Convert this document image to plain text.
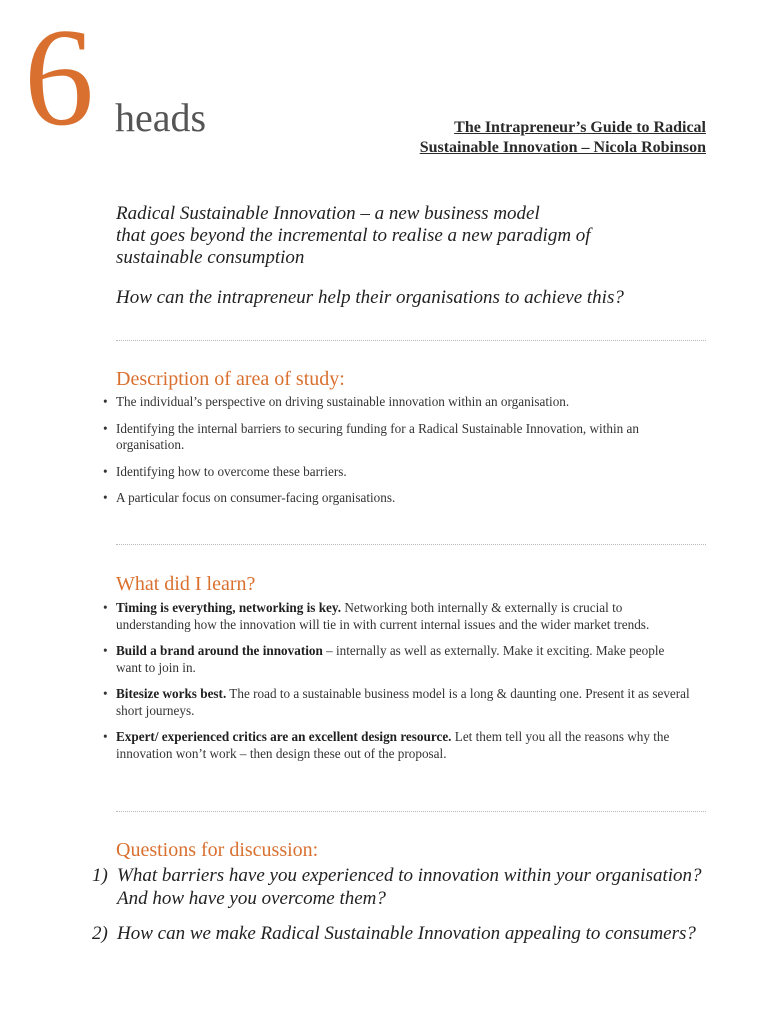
6 heads	The Intrapreneur’s Guide to Radical
Sustainable Innovation – Nicola Robinson
Radical Sustainable Innovation – a new business model
that goes beyond the incremental to realise a new paradigm of
sustainable consumption
How can the intrapreneur help their organisations to achieve this?
Description of area of study:
• The individual’s perspective on driving sustainable innovation within an organisation.
• Identifying the internal barriers to securing funding for a Radical Sustainable Innovation, within an organisation.
• Identifying how to overcome these barriers.
• A particular focus on consumer-facing organisations.
What did I learn?
• Timing is everything, networking is key. Networking both internally & externally is crucial to understanding how the innovation will tie in with current internal issues and the wider market trends.
• Build a brand around the innovation – internally as well as externally. Make it exciting. Make people want to join in.
• Bitesize works best. The road to a sustainable business model is a long & daunting one. Present it as several short journeys.
• Expert/ experienced critics are an excellent design resource. Let them tell you all the reasons why the innovation won’t work – then design these out of the proposal.
Questions for discussion:
1) What barriers have you experienced to innovation within your organisation? And how have you overcome them?
2) How can we make Radical Sustainable Innovation appealing to consumers?
